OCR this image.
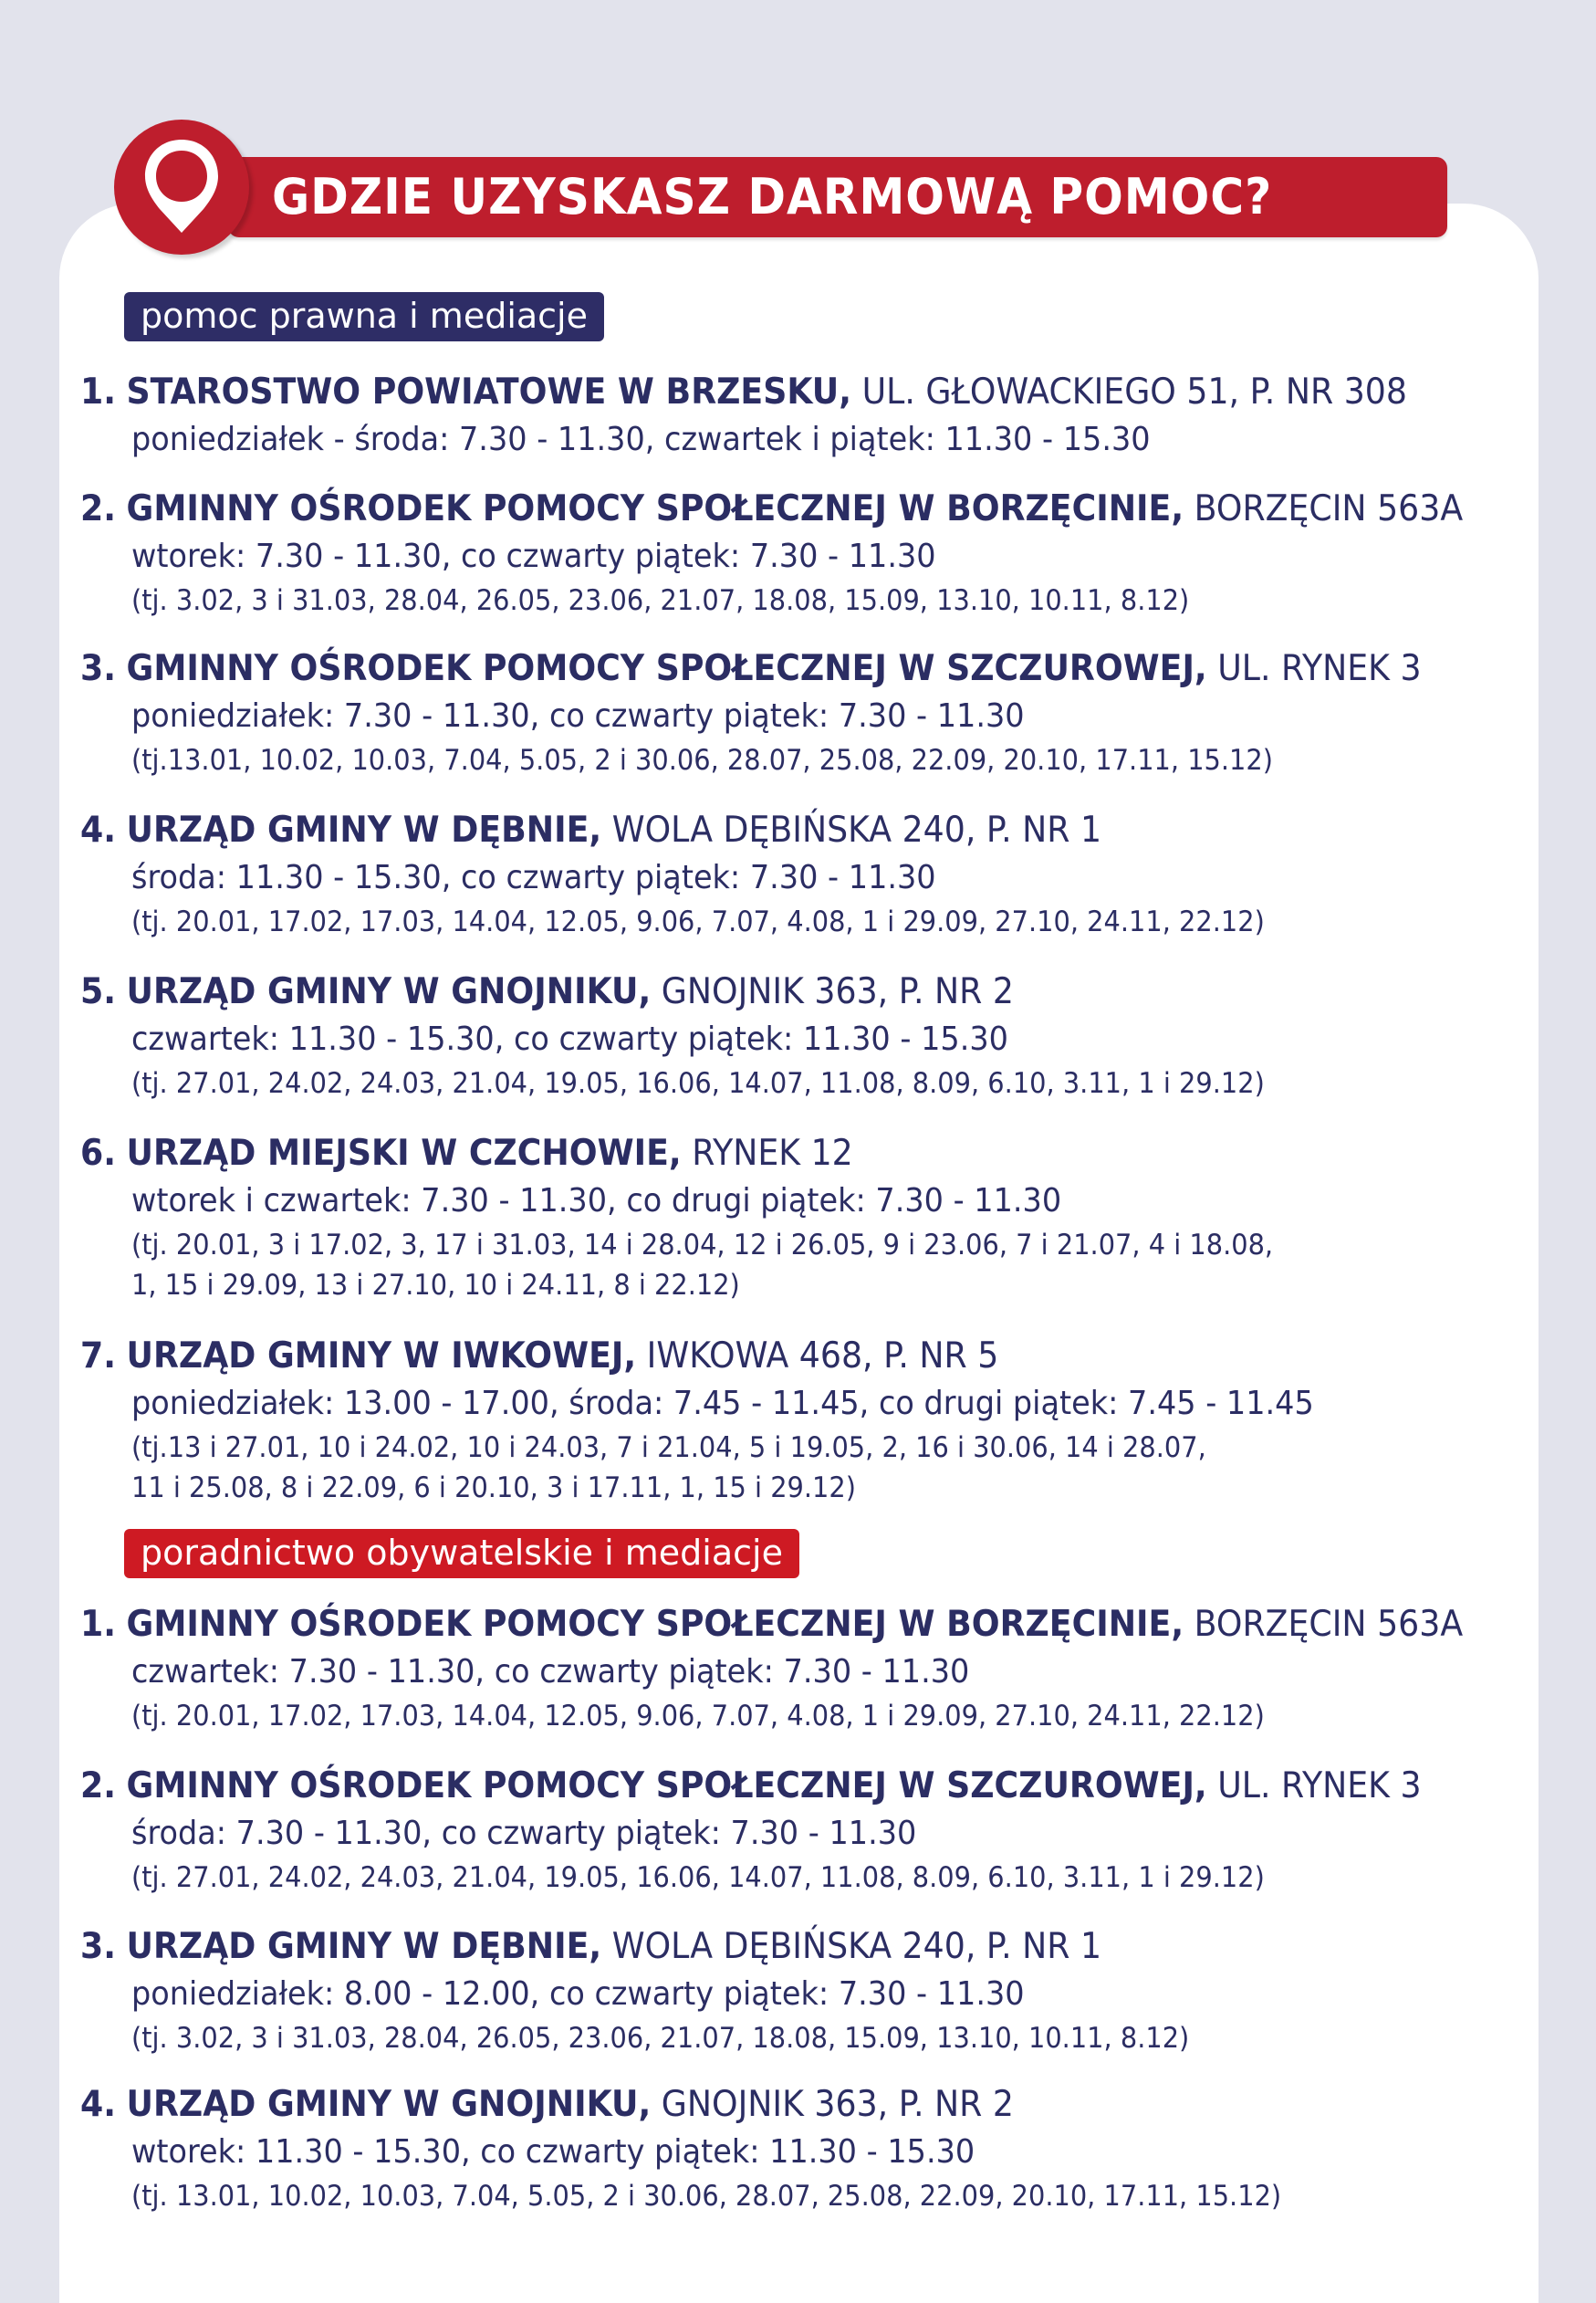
GDZIE UZYSKASZ DARMOWĄ POMOC?
pomoc prawna i mediacje
1. STAROSTWO POWIATOWE W BRZESKU, UL. GŁOWACKIEGO 51, P. NR 308
poniedziałek - środa: 7.30 - 11.30, czwartek i piątek: 11.30 - 15.30
2. GMINNY OŚRODEK POMOCY SPOŁECZNEJ W BORZĘCINIE, BORZĘCIN 563A
wtorek: 7.30 - 11.30, co czwarty piątek: 7.30 - 11.30
(tj. 3.02, 3 i 31.03, 28.04, 26.05, 23.06, 21.07, 18.08, 15.09, 13.10, 10.11, 8.12)
3. GMINNY OŚRODEK POMOCY SPOŁECZNEJ W SZCZUROWEJ, UL. RYNEK 3
poniedziałek: 7.30 - 11.30, co czwarty piątek: 7.30 - 11.30
(tj.13.01, 10.02, 10.03, 7.04, 5.05, 2 i 30.06, 28.07, 25.08, 22.09, 20.10, 17.11, 15.12)
4. URZĄD GMINY W DĘBNIE, WOLA DĘBIŃSKA 240, P. NR 1
środa: 11.30 - 15.30, co czwarty piątek: 7.30 - 11.30
(tj. 20.01, 17.02, 17.03, 14.04, 12.05, 9.06, 7.07, 4.08, 1 i 29.09, 27.10, 24.11, 22.12)
5. URZĄD GMINY W GNOJNIKU, GNOJNIK 363, P. NR 2
czwartek: 11.30 - 15.30, co czwarty piątek: 11.30 - 15.30
(tj. 27.01, 24.02, 24.03, 21.04, 19.05, 16.06, 14.07, 11.08, 8.09, 6.10, 3.11, 1 i 29.12)
6. URZĄD MIEJSKI W CZCHOWIE, RYNEK 12
wtorek i czwartek: 7.30 - 11.30, co drugi piątek: 7.30 - 11.30
(tj. 20.01, 3 i 17.02, 3, 17 i 31.03, 14 i 28.04, 12 i 26.05, 9 i 23.06, 7 i 21.07, 4 i 18.08,
1, 15 i 29.09, 13 i 27.10, 10 i 24.11, 8 i 22.12)
7. URZĄD GMINY W IWKOWEJ, IWKOWA 468, P. NR 5
poniedziałek: 13.00 - 17.00, środa: 7.45 - 11.45, co drugi piątek: 7.45 - 11.45
(tj.13 i 27.01, 10 i 24.02, 10 i 24.03, 7 i 21.04, 5 i 19.05, 2, 16 i 30.06, 14 i 28.07,
11 i 25.08, 8 i 22.09, 6 i 20.10, 3 i 17.11, 1, 15 i 29.12)
poradnictwo obywatelskie i mediacje
1. GMINNY OŚRODEK POMOCY SPOŁECZNEJ W BORZĘCINIE, BORZĘCIN 563A
czwartek: 7.30 - 11.30, co czwarty piątek: 7.30 - 11.30
(tj. 20.01, 17.02, 17.03, 14.04, 12.05, 9.06, 7.07, 4.08, 1 i 29.09, 27.10, 24.11, 22.12)
2. GMINNY OŚRODEK POMOCY SPOŁECZNEJ W SZCZUROWEJ, UL. RYNEK 3
środa: 7.30 - 11.30, co czwarty piątek: 7.30 - 11.30
(tj. 27.01, 24.02, 24.03, 21.04, 19.05, 16.06, 14.07, 11.08, 8.09, 6.10, 3.11, 1 i 29.12)
3. URZĄD GMINY W DĘBNIE, WOLA DĘBIŃSKA 240, P. NR 1
poniedziałek: 8.00 - 12.00, co czwarty piątek: 7.30 - 11.30
(tj. 3.02, 3 i 31.03, 28.04, 26.05, 23.06, 21.07, 18.08, 15.09, 13.10, 10.11, 8.12)
4. URZĄD GMINY W GNOJNIKU, GNOJNIK 363, P. NR 2
wtorek: 11.30 - 15.30, co czwarty piątek: 11.30 - 15.30
(tj. 13.01, 10.02, 10.03, 7.04, 5.05, 2 i 30.06, 28.07, 25.08, 22.09, 20.10, 17.11, 15.12)
